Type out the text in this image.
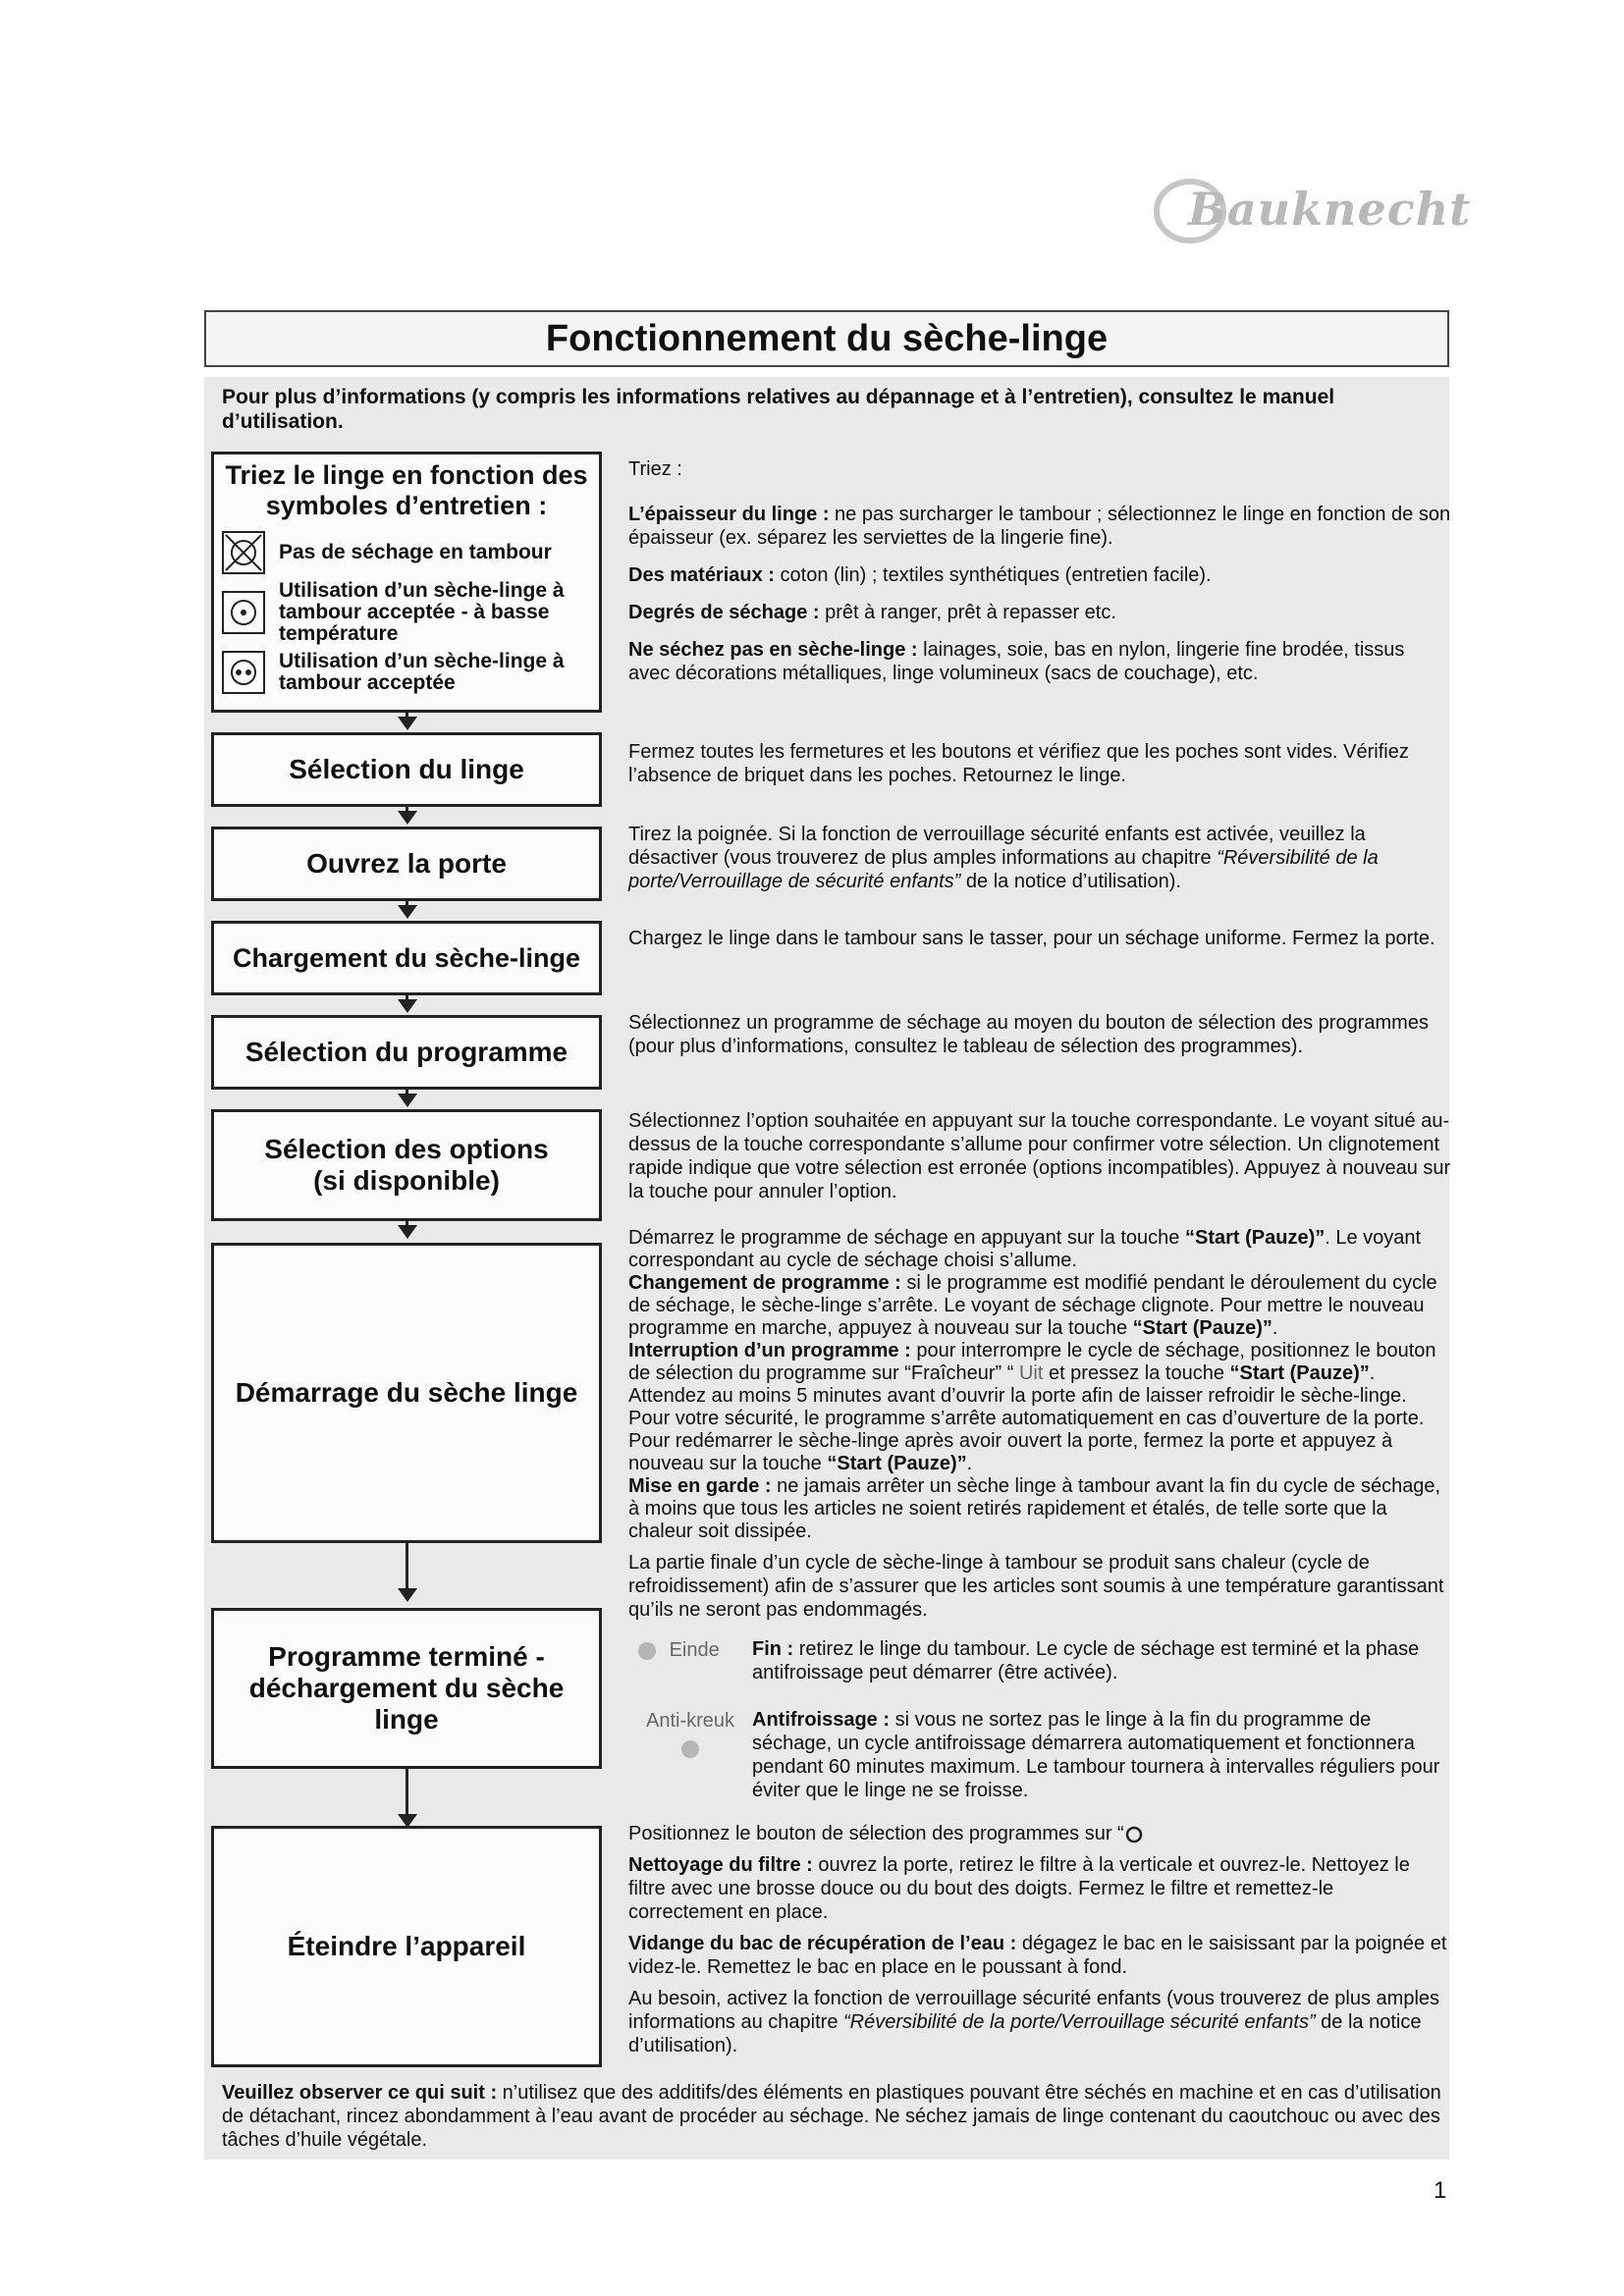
Bauknecht
Fonctionnement du sèche-linge
Pour plus d’informations (y compris les informations relatives au dépannage et à l’entretien), consultez le manuel d’utilisation.
Triez le linge en fonction des symboles d’entretien :
Pas de séchage en tambour
Utilisation d’un sèche-linge à tambour acceptée - à basse température
Utilisation d’un sèche-linge à tambour acceptée

Triez :

L’épaisseur du linge : ne pas surcharger le tambour ; sélectionnez le linge en fonction de son épaisseur (ex. séparez les serviettes de la lingerie fine).

Des matériaux : coton (lin) ; textiles synthétiques (entretien facile).

Degrés de séchage : prêt à ranger, prêt à repasser etc.

Ne séchez pas en sèche-linge : lainages, soie, bas en nylon, lingerie fine brodée, tissus avec décorations métalliques, linge volumineux (sacs de couchage), etc.

Sélection du linge
Ouvrez la porte
Chargement du sèche-linge
Sélection du programme
Sélection des options
(si disponible)
Démarrage du sèche linge
Programme terminé - déchargement du sèche linge
Éteindre l’appareil
Fermez toutes les fermetures et les boutons et vérifiez que les poches sont vides. Vérifiez l’absence de briquet dans les poches. Retournez le linge.
Tirez la poignée. Si la fonction de verrouillage sécurité enfants est activée, veuillez la désactiver (vous trouverez de plus amples informations au chapitre “Réversibilité de la porte/Verrouillage de sécurité enfants” de la notice d’utilisation).
Chargez le linge dans le tambour sans le tasser, pour un séchage uniforme. Fermez la porte.
Sélectionnez un programme de séchage au moyen du bouton de sélection des programmes (pour plus d’informations, consultez le tableau de sélection des programmes).
Sélectionnez l’option souhaitée en appuyant sur la touche correspondante. Le voyant situé au-dessus de la touche correspondante s’allume pour confirmer votre sélection. Un clignotement rapide indique que votre sélection est erronée (options incompatibles). Appuyez à nouveau sur la touche pour annuler l’option.
Démarrez le programme de séchage en appuyant sur la touche “Start (Pauze)”. Le voyant correspondant au cycle de séchage choisi s’allume.
Changement de programme : si le programme est modifié pendant le déroulement du cycle de séchage, le sèche-linge s’arrête. Le voyant de séchage clignote. Pour mettre le nouveau programme en marche, appuyez à nouveau sur la touche “Start (Pauze)”.
Interruption d’un programme : pour interrompre le cycle de séchage, positionnez le bouton de sélection du programme sur “Fraîcheur” “ Uit et pressez la touche “Start (Pauze)”. Attendez au moins 5 minutes avant d’ouvrir la porte afin de laisser refroidir le sèche-linge. Pour votre sécurité, le programme s’arrête automatiquement en cas d’ouverture de la porte. Pour redémarrer le sèche-linge après avoir ouvert la porte, fermez la porte et appuyez à nouveau sur la touche “Start (Pauze)”.
Mise en garde : ne jamais arrêter un sèche linge à tambour avant la fin du cycle de séchage, à moins que tous les articles ne soient retirés rapidement et étalés, de telle sorte que la chaleur soit dissipée.
La partie finale d’un cycle de sèche-linge à tambour se produit sans chaleur (cycle de refroidissement) afin de s’assurer que les articles sont soumis à une température garantissant qu’ils ne seront pas endommagés.
Einde Fin : retirez le linge du tambour. Le cycle de séchage est terminé et la phase antifroissage peut démarrer (être activée).
Anti-kreuk Antifroissage : si vous ne sortez pas le linge à la fin du programme de séchage, un cycle antifroissage démarrera automatiquement et fonctionnera pendant 60 minutes maximum. Le tambour tournera à intervalles réguliers pour éviter que le linge ne se froisse.

Positionnez le bouton de sélection des programmes sur “

Nettoyage du filtre : ouvrez la porte, retirez le filtre à la verticale et ouvrez-le. Nettoyez le filtre avec une brosse douce ou du bout des doigts. Fermez le filtre et remettez-le correctement en place.

Vidange du bac de récupération de l’eau : dégagez le bac en le saisissant par la poignée et videz-le. Remettez le bac en place en le poussant à fond.

Au besoin, activez la fonction de verrouillage sécurité enfants (vous trouverez de plus amples informations au chapitre “Réversibilité de la porte/Verrouillage sécurité enfants” de la notice d’utilisation).

Veuillez observer ce qui suit : n’utilisez que des additifs/des éléments en plastiques pouvant être séchés en machine et en cas d’utilisation de détachant, rincez abondamment à l’eau avant de procéder au séchage. Ne séchez jamais de linge contenant du caoutchouc ou avec des tâches d’huile végétale.
1
